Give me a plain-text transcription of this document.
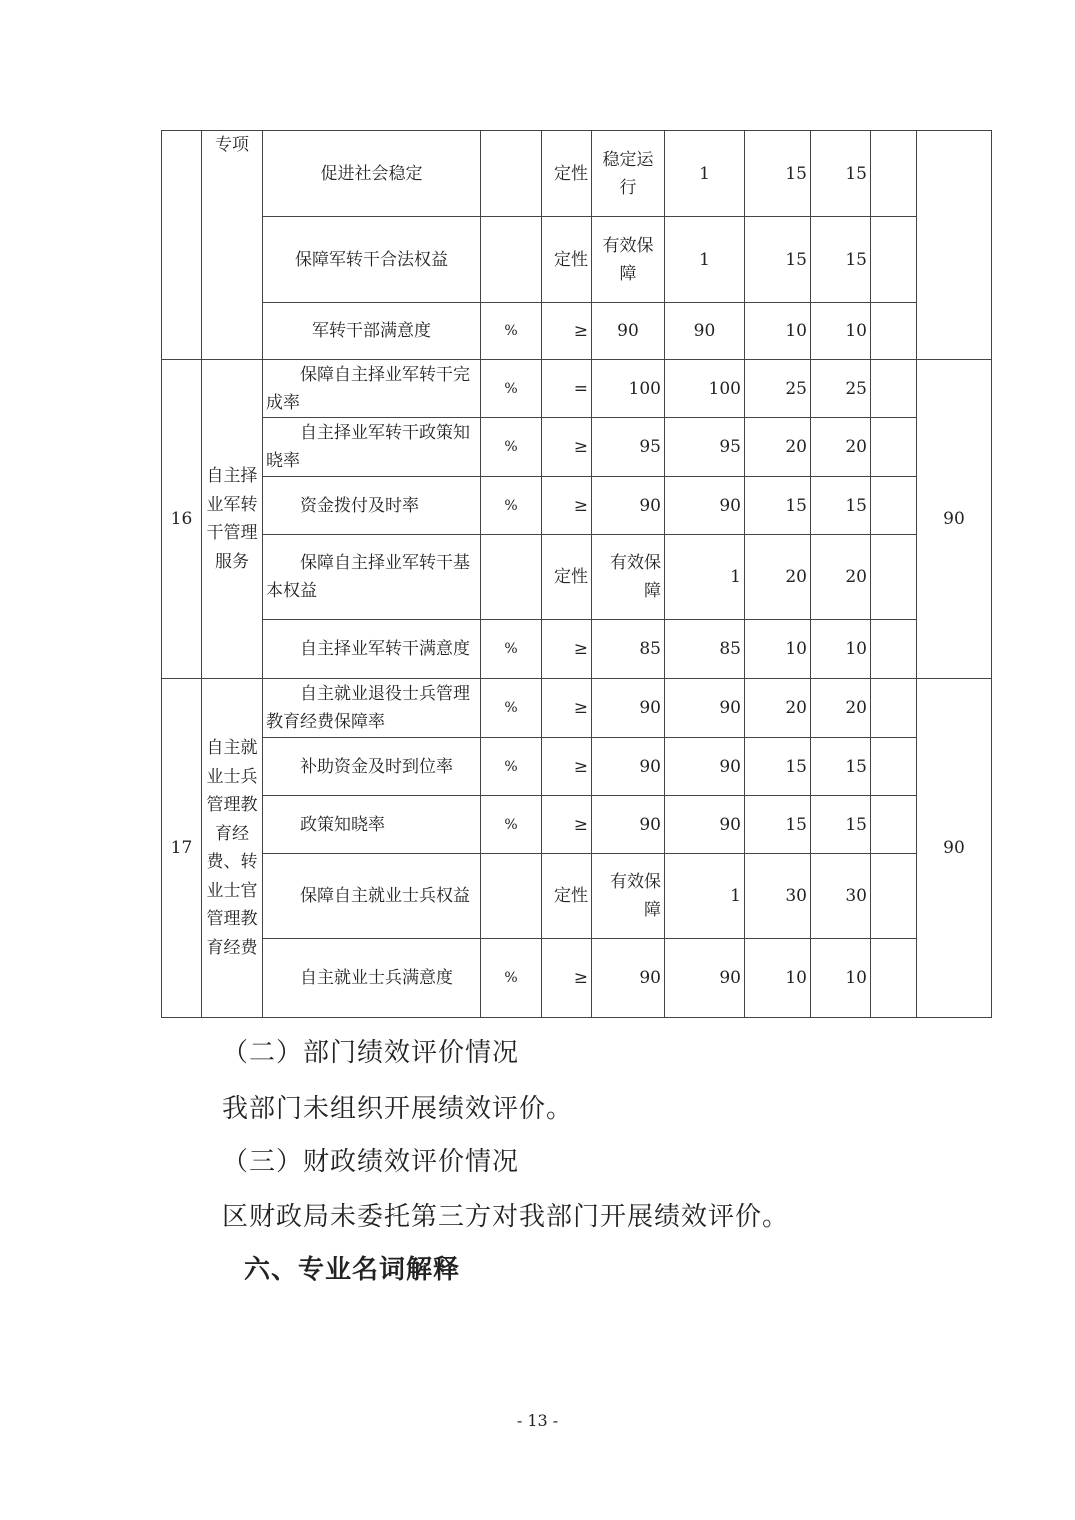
	专项	促进社会稳定		定性	稳定运行	1	15	15		
		保障军转干合法权益		定性	有效保障	1	15	15		
		军转干部满意度	%	≥	90	90	10	10		
16	自主择业军转干管理服务	保障自主择业军转干完成率	%	=	100	100	25	25		90
		自主择业军转干政策知晓率	%	≥	95	95	20	20		
		资金拨付及时率	%	≥	90	90	15	15		
		保障自主择业军转干基本权益		定性	有效保障	1	20	20		
		自主择业军转干满意度	%	≥	85	85	10	10		
17	自主就业士兵管理教育经费、转业士官管理教育经费	自主就业退役士兵管理教育经费保障率	%	≥	90	90	20	20		90
		补助资金及时到位率	%	≥	90	90	15	15		
		政策知晓率	%	≥	90	90	15	15		
		保障自主就业士兵权益		定性	有效保障	1	30	30		
		自主就业士兵满意度	%	≥	90	90	10	10		
（二）部门绩效评价情况
我部门未组织开展绩效评价。
（三）财政绩效评价情况
区财政局未委托第三方对我部门开展绩效评价。
六、专业名词解释
- 13 -
